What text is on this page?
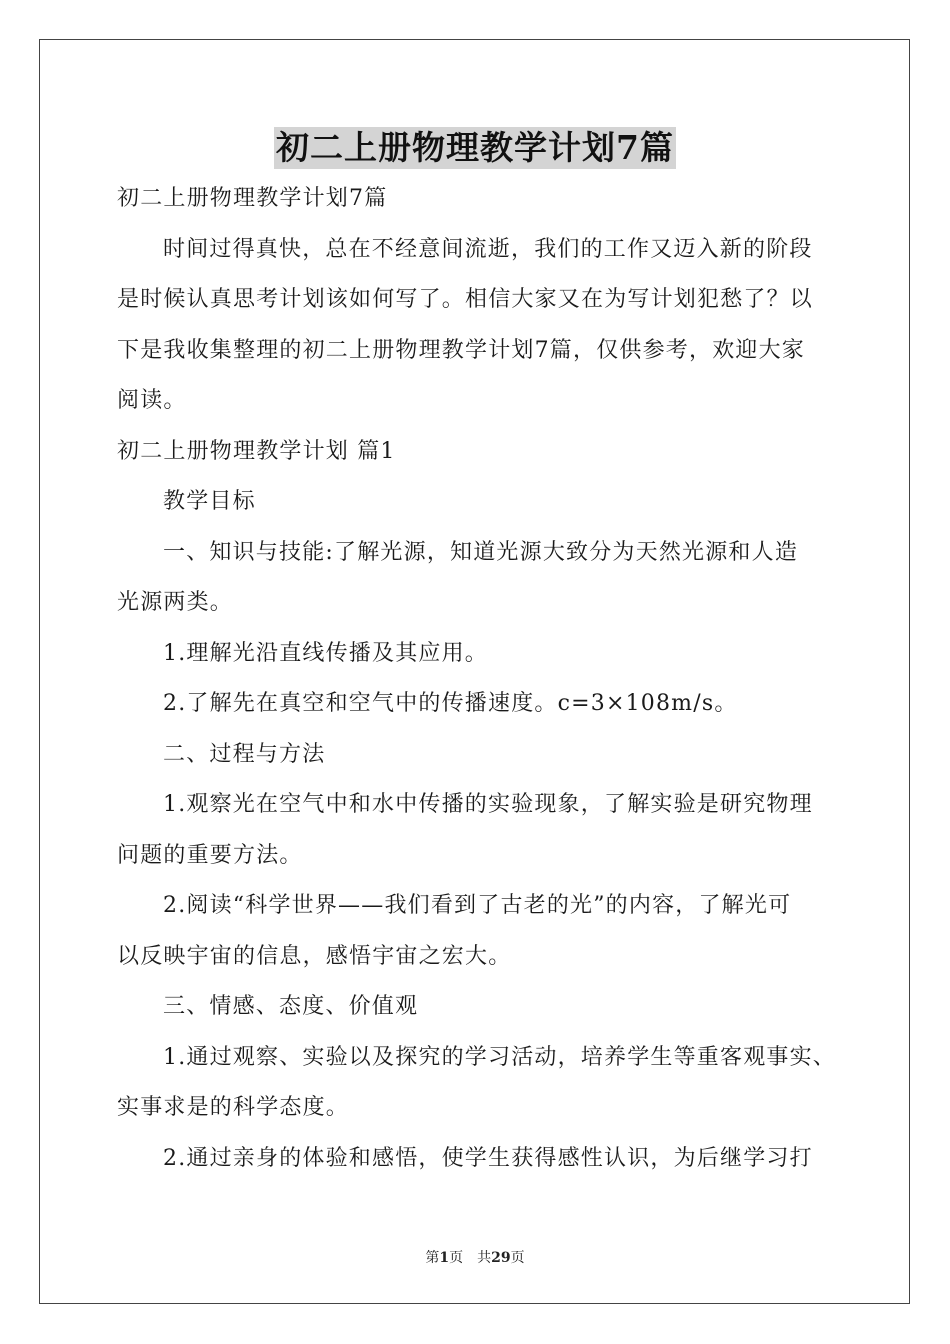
初二上册物理教学计划7篇

初二上册物理教学计划7篇

时间过得真快，总在不经意间流逝，我们的工作又迈入新的阶段

是时候认真思考计划该如何写了。相信大家又在为写计划犯愁了？以

下是我收集整理的初二上册物理教学计划7篇，仅供参考，欢迎大家

阅读。

初二上册物理教学计划 篇1

教学目标

一、知识与技能:了解光源，知道光源大致分为天然光源和人造

光源两类。

1.理解光沿直线传播及其应用。

2.了解先在真空和空气中的传播速度。c=3×108m/s。

二、过程与方法

1.观察光在空气中和水中传播的实验现象，了解实验是研究物理

问题的重要方法。

2.阅读“科学世界——我们看到了古老的光”的内容，了解光可

以反映宇宙的信息，感悟宇宙之宏大。

三、情感、态度、价值观

1.通过观察、实验以及探究的学习活动，培养学生等重客观事实、

实事求是的科学态度。

2.通过亲身的体验和感悟，使学生获得感性认识，为后继学习打

第1页　共29页
